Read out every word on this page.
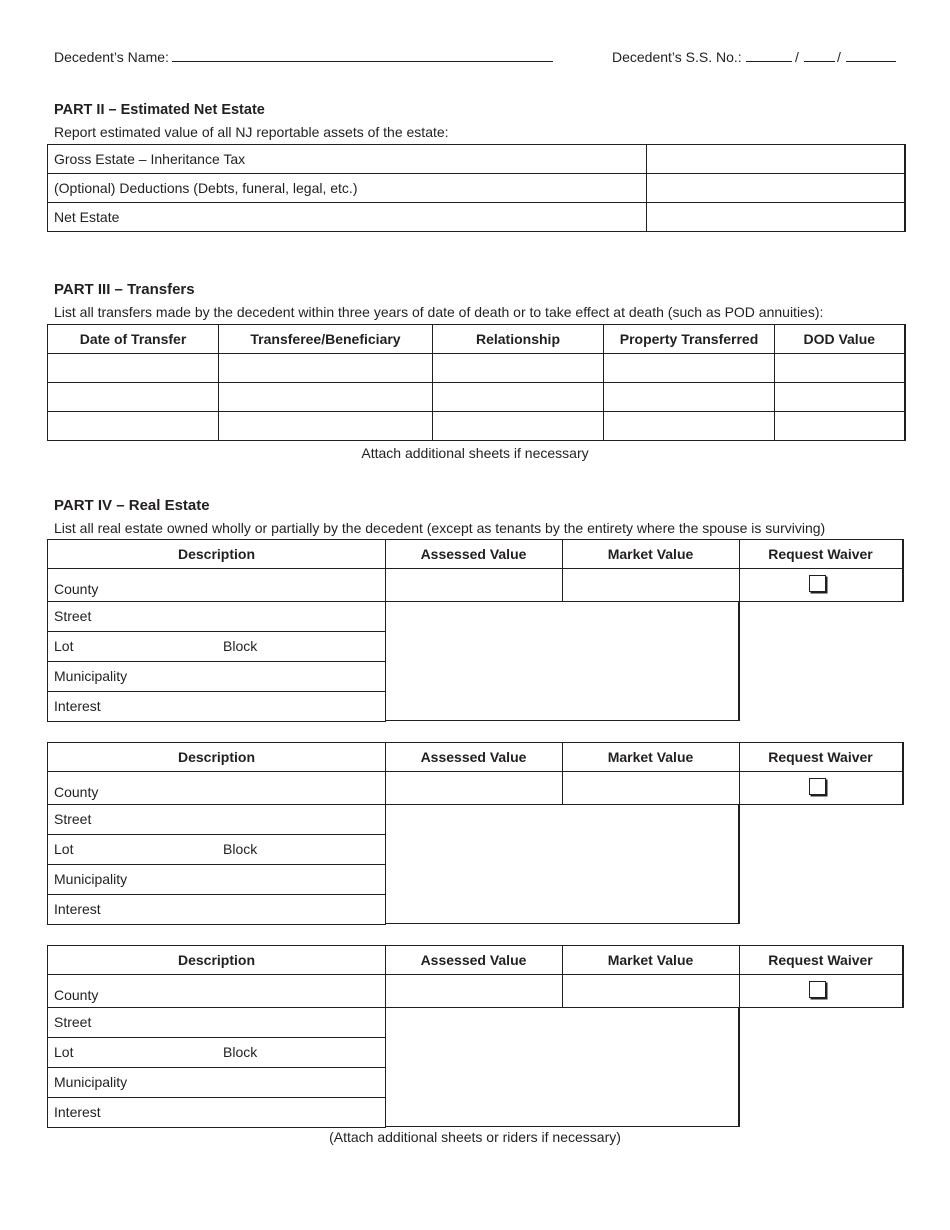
Decedent’s Name:	Decedent’s S.S. No.:	/	/
PART II – Estimated Net Estate
Report estimated value of all NJ reportable assets of the estate:
Gross Estate – Inheritance Tax	
(Optional) Deductions (Debts, funeral, legal, etc.)	
Net Estate	
PART III – Transfers
List all transfers made by the decedent within three years of date of death or to take effect at death (such as POD annuities):
Date of Transfer	Transferee/Beneficiary	Relationship	Property Transferred	DOD Value

Attach additional sheets if necessary
PART IV – Real Estate
List all real estate owned wholly or partially by the decedent (except as tenants by the entirety where the spouse is surviving)
Description	Assessed Value	Market Value	Request Waiver
County
Street
Lot	Block
Municipality
Interest
Description	Assessed Value	Market Value	Request Waiver
County
Street
Lot	Block
Municipality
Interest
Description	Assessed Value	Market Value	Request Waiver
County
Street
Lot	Block
Municipality
Interest
(Attach additional sheets or riders if necessary)
